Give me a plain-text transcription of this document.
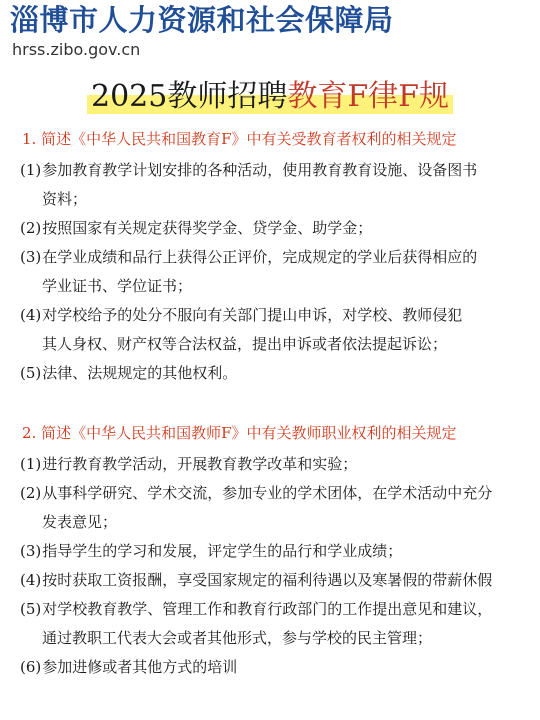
淄博市人力资源和社会保障局
hrss.zibo.gov.cn
2025教师招聘教育F律F规
1. 简述《中华人民共和国教育F》中有关受教育者权利的相关规定
(1)参加教育教学计划安排的各种活动，使用教育教育设施、设备图书
资料；
(2)按照国家有关规定获得奖学金、贷学金、助学金；
(3)在学业成绩和品行上获得公正评价，完成规定的学业后获得相应的
学业证书、学位证书；
(4)对学校给予的处分不服向有关部门提山申诉，对学校、教师侵犯
其人身权、财产权等合法权益，提出申诉或者依法提起诉讼；
(5)法律、法规规定的其他权利。
2. 简述《中华人民共和国教师F》中有关教师职业权利的相关规定
(1)进行教育教学活动，开展教育教学改革和实验；
(2)从事科学研究、学术交流，参加专业的学术团体，在学术活动中充分
发表意见；
(3)指导学生的学习和发展，评定学生的品行和学业成绩；
(4)按时获取工资报酬，享受国家规定的福利待遇以及寒暑假的带薪休假
(5)对学校教育教学、管理工作和教育行政部门的工作提出意见和建议，
通过教职工代表大会或者其他形式，参与学校的民主管理；
(6)参加进修或者其他方式的培训
